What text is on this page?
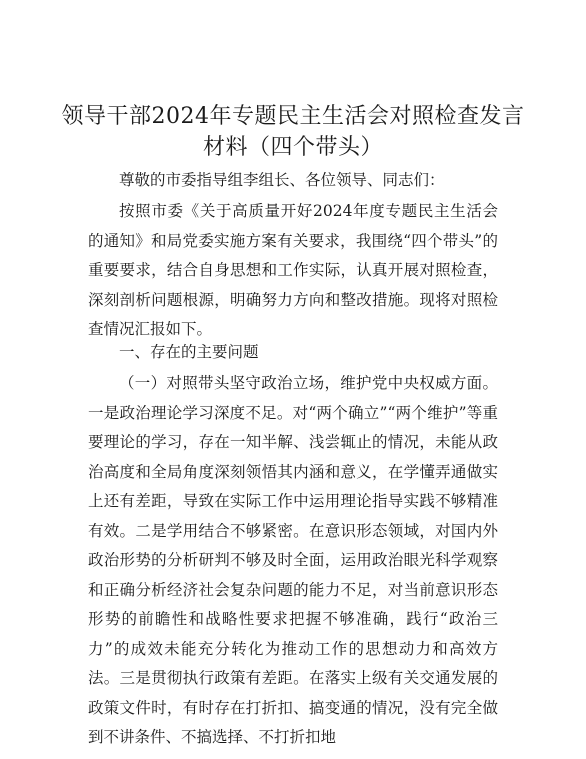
领导干部2024年专题民主生活会对照检查发言
材料（四个带头）

尊敬的市委指导组李组长、各位领导、同志们：

按照市委《关于高质量开好2024年度专题民主生活会的通知》和局党委实施方案有关要求，我围绕“四个带头”的重要要求，结合自身思想和工作实际，认真开展对照检查，深刻剖析问题根源，明确努力方向和整改措施。现将对照检查情况汇报如下。

一、存在的主要问题

（一）对照带头坚守政治立场，维护党中央权威方面。一是政治理论学习深度不足。对“两个确立”“两个维护”等重要理论的学习，存在一知半解、浅尝辄止的情况，未能从政治高度和全局角度深刻领悟其内涵和意义，在学懂弄通做实上还有差距，导致在实际工作中运用理论指导实践不够精准有效。二是学用结合不够紧密。在意识形态领域，对国内外政治形势的分析研判不够及时全面，运用政治眼光科学观察和正确分析经济社会复杂问题的能力不足，对当前意识形态形势的前瞻性和战略性要求把握不够准确，践行“政治三力”的成效未能充分转化为推动工作的思想动力和高效方法。三是贯彻执行政策有差距。在落实上级有关交通发展的政策文件时，有时存在打折扣、搞变通的情况，没有完全做到不讲条件、不搞选择、不打折扣地
